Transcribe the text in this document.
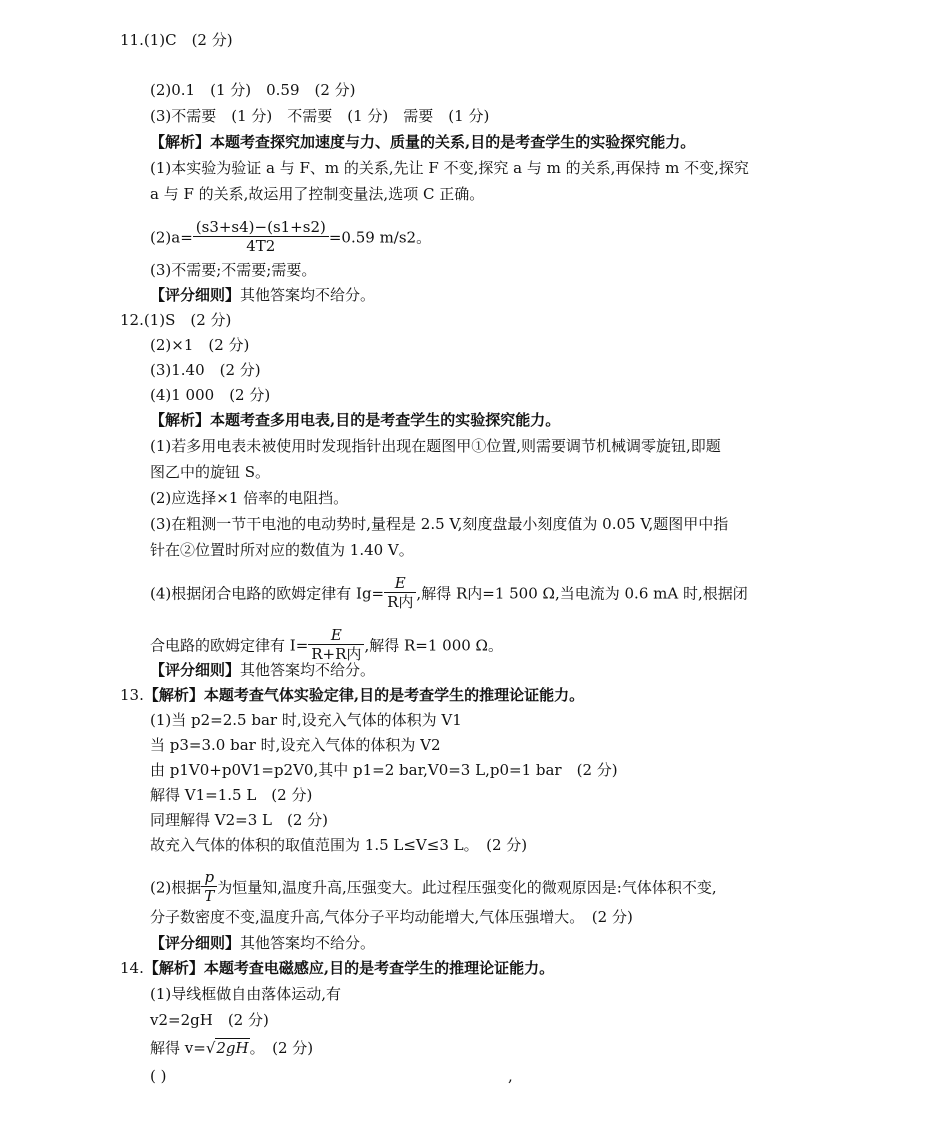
11.(1)C　(2 分)
(2)0.1　(1 分)　0.59　(2 分)
(3)不需要　(1 分)　不需要　(1 分)　需要　(1 分)
【解析】本题考查探究加速度与力、质量的关系,目的是考查学生的实验探究能力。
(1)本实验为验证 a 与 F、m 的关系,先让 F 不变,探究 a 与 m 的关系,再保持 m 不变,探究
a 与 F 的关系,故运用了控制变量法,选项 C 正确。
$(2)a= \frac{(s3+s4)-(s1+s2)}{4T2} =0.59$ m/s2。
(3)不需要;不需要;需要。
【评分细则】其他答案均不给分。
12.(1)S　(2 分)
(2)×1　(2 分)
(3)1.40　(2 分)
(4)1 000　(2 分)
【解析】本题考查多用电表,目的是考查学生的实验探究能力。
(1)若多用电表未被使用时发现指针出现在题图甲①位置,则需要调节机械调零旋钮,即题
图乙中的旋钮 S。
(2)应选择×1 倍率的电阻挡。
(3)在粗测一节干电池的电动势时,量程是 2.5 V,刻度盘最小刻度值为 0.05 V,题图甲中指
针在②位置时所对应的数值为 1.40 V。
(4)根据闭合电路的欧姆定律有 $Ig= \frac{E}{\text{R内}}$ ,解得 R内=1 500 Ω,当电流为 0.6 mA 时,根据闭
合电路的欧姆定律有 $I= \frac{E}{\text{R+R内}}$ ,解得 R=1 000 Ω。
【评分细则】其他答案均不给分。
13.【解析】本题考查气体实验定律,目的是考查学生的推理论证能力。
(1)当 p2=2.5 bar 时,设充入气体的体积为 V1
当 p3=3.0 bar 时,设充入气体的体积为 V2
由 p1V0+p0V1=p2V0,其中 p1=2 bar,V0=3 L,p0=1 bar　(2 分)
解得 V1=1.5 L　(2 分)
同理解得 V2=3 L　(2 分)
故充入气体的体积的取值范围为 1.5 L≤V≤3 L。　(2 分)
(2)根据 $\frac{p}{T}$ 为恒量知,温度升高,压强变大。此过程压强变化的微观原因是:气体体积不变,
分子数密度不变,温度升高,气体分子平均动能增大,气体压强增大。　(2 分)
【评分细则】其他答案均不给分。
14.【解析】本题考查电磁感应,目的是考查学生的推理论证能力。
(1)导线框做自由落体运动,有
v2=2gH　(2 分)
解得 v=√2gH。　(2 分)
( )	,
